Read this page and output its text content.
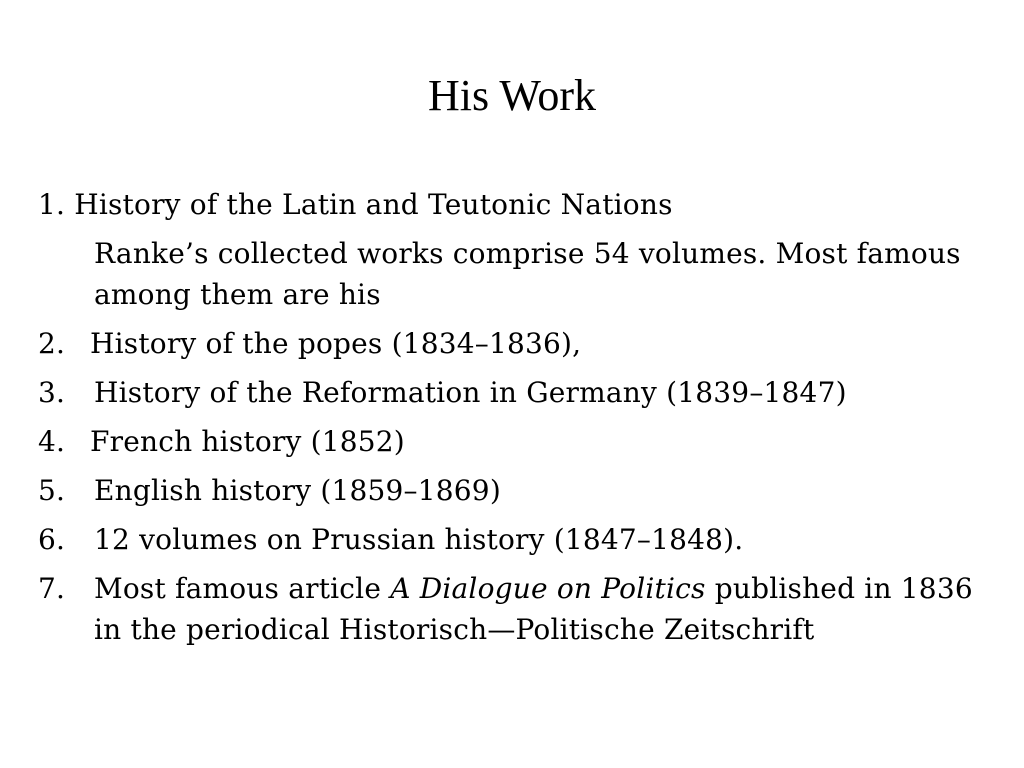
His Work
1. History of the Latin and Teutonic Nations
Ranke’s collected works comprise 54 volumes. Most famous among them are his
2. History of the popes (1834–1836),
3. History of the Reformation in Germany (1839–1847)
4. French history (1852)
5. English history (1859–1869)
6. 12 volumes on Prussian history (1847–1848).
7. Most famous article A Dialogue on Politics published in 1836 in the periodical Historisch—Politische Zeitschrift
